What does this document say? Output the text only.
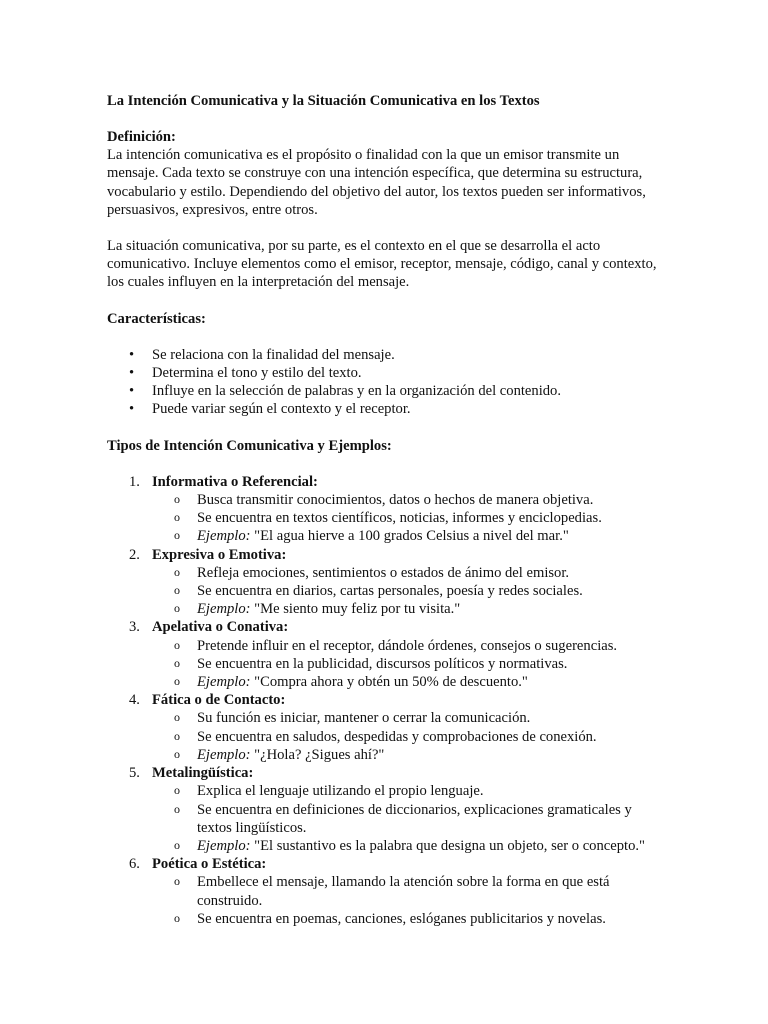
La Intención Comunicativa y la Situación Comunicativa en los Textos

Definición:
La intención comunicativa es el propósito o finalidad con la que un emisor transmite un mensaje. Cada texto se construye con una intención específica, que determina su estructura, vocabulario y estilo. Dependiendo del objetivo del autor, los textos pueden ser informativos, persuasivos, expresivos, entre otros.

La situación comunicativa, por su parte, es el contexto en el que se desarrolla el acto comunicativo. Incluye elementos como el emisor, receptor, mensaje, código, canal y contexto, los cuales influyen en la interpretación del mensaje.

Características:

• Se relaciona con la finalidad del mensaje.
• Determina el tono y estilo del texto.
• Influye en la selección de palabras y en la organización del contenido.
• Puede variar según el contexto y el receptor.

Tipos de Intención Comunicativa y Ejemplos:

1. Informativa o Referencial:
o Busca transmitir conocimientos, datos o hechos de manera objetiva.
o Se encuentra en textos científicos, noticias, informes y enciclopedias.
o Ejemplo: "El agua hierve a 100 grados Celsius a nivel del mar."
2. Expresiva o Emotiva:
o Refleja emociones, sentimientos o estados de ánimo del emisor.
o Se encuentra en diarios, cartas personales, poesía y redes sociales.
o Ejemplo: "Me siento muy feliz por tu visita."
3. Apelativa o Conativa:
o Pretende influir en el receptor, dándole órdenes, consejos o sugerencias.
o Se encuentra en la publicidad, discursos políticos y normativas.
o Ejemplo: "Compra ahora y obtén un 50% de descuento."
4. Fática o de Contacto:
o Su función es iniciar, mantener o cerrar la comunicación.
o Se encuentra en saludos, despedidas y comprobaciones de conexión.
o Ejemplo: "¿Hola? ¿Sigues ahí?"
5. Metalingüística:
o Explica el lenguaje utilizando el propio lenguaje.
o Se encuentra en definiciones de diccionarios, explicaciones gramaticales y textos lingüísticos.
o Ejemplo: "El sustantivo es la palabra que designa un objeto, ser o concepto."
6. Poética o Estética:
o Embellece el mensaje, llamando la atención sobre la forma en que está construido.
o Se encuentra en poemas, canciones, eslóganes publicitarios y novelas.
